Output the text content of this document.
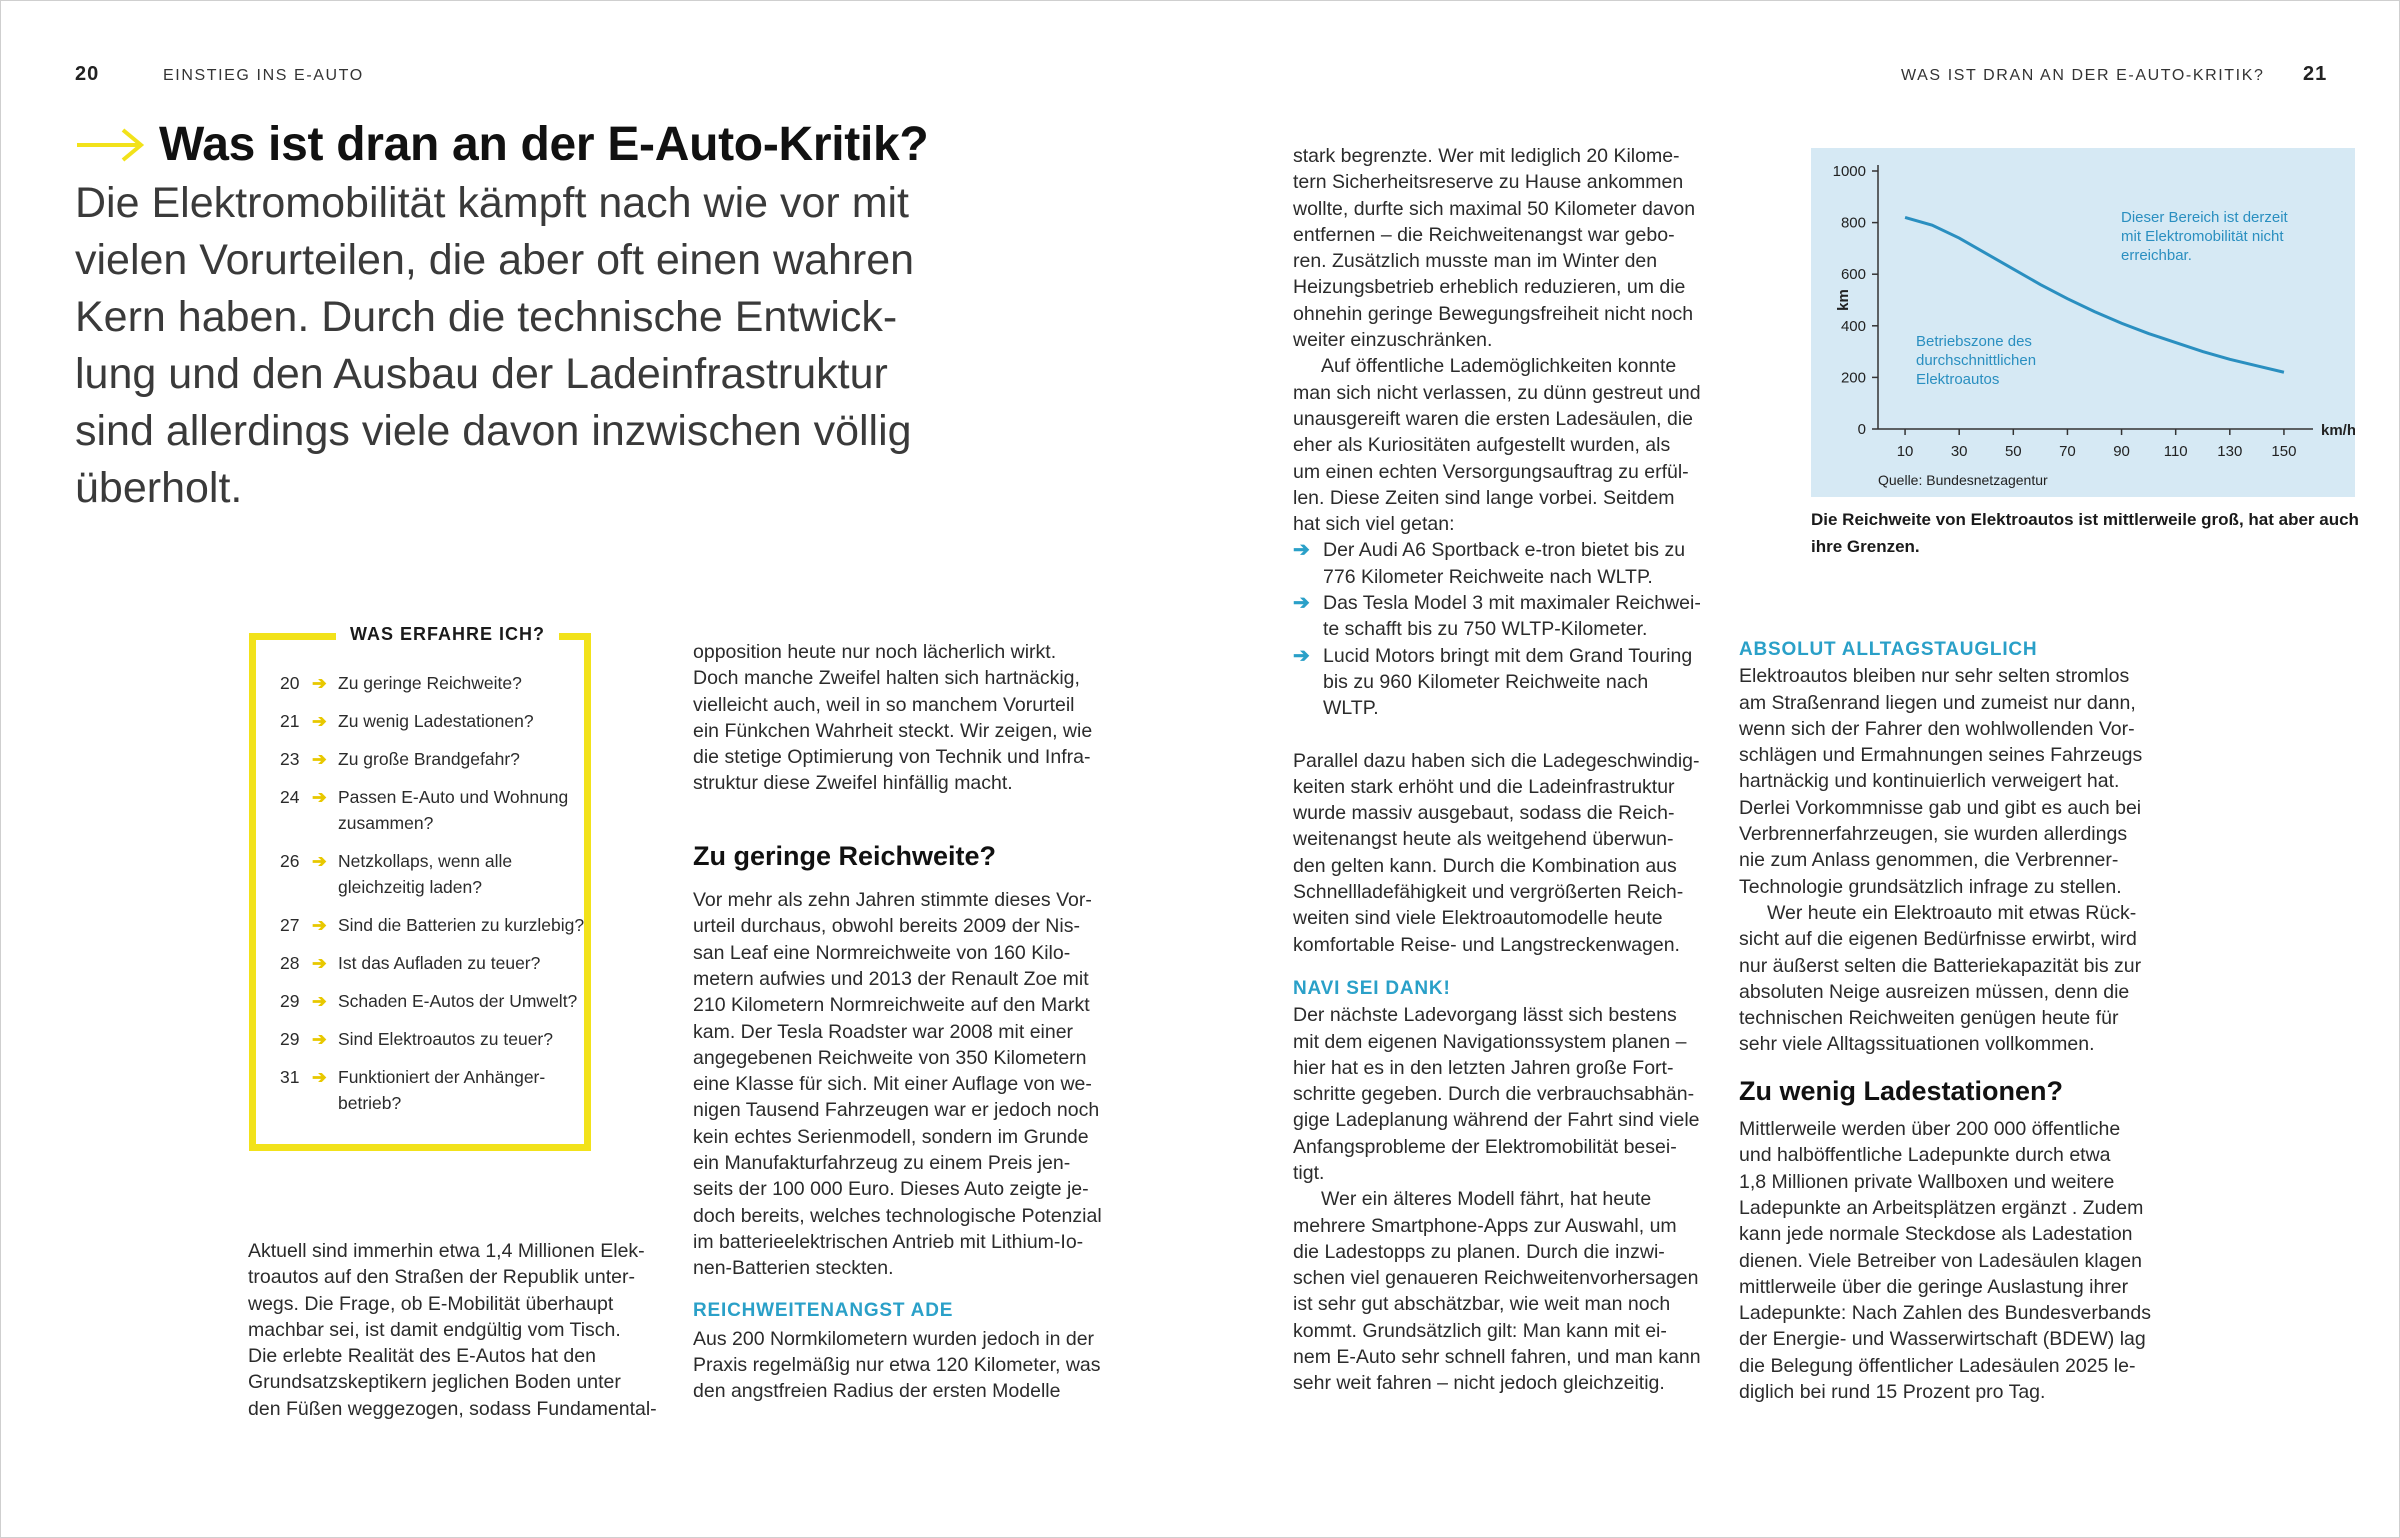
20	EINSTIEG INS E-AUTO	WAS IST DRAN AN DER E-AUTO-KRITIK? 21
Was ist dran an der E-Auto-Kritik?

Die Elektromobilität kämpft nach wie vor mit

vielen Vorurteilen, die aber oft einen wahren

Kern haben. Durch die technische Entwick-

lung und den Ausbau der Ladeinfrastruktur

sind allerdings viele davon inzwischen völlig

überholt.

WAS ERFAHRE ICH?
20 ➔ Zu geringe Reichweite?
21 ➔ Zu wenig Ladestationen?
23 ➔ Zu große Brandgefahr?
24 ➔ Passen E-Auto und Wohnung
zusammen?
26 ➔ Netzkollaps, wenn alle
gleichzeitig laden?
27 ➔ Sind die Batterien zu kurzlebig?
28 ➔ Ist das Aufladen zu teuer?
29 ➔ Schaden E-Autos der Umwelt?
29 ➔ Sind Elektroautos zu teuer?
31 ➔ Funktioniert der Anhänger-
betrieb?

Aktuell sind immerhin etwa 1,4 Millionen Elek-

troautos auf den Straßen der Republik unter-

wegs. Die Frage, ob E-Mobilität überhaupt

machbar sei, ist damit endgültig vom Tisch.

Die erlebte Realität des E-Autos hat den

Grundsatzskeptikern jeglichen Boden unter

den Füßen weggezogen, sodass Fundamental-

opposition heute nur noch lächerlich wirkt.

Doch manche Zweifel halten sich hartnäckig,

vielleicht auch, weil in so manchem Vorurteil

ein Fünkchen Wahrheit steckt. Wir zeigen, wie

die stetige Optimierung von Technik und Infra-

struktur diese Zweifel hinfällig macht.

Zu geringe Reichweite?

Vor mehr als zehn Jahren stimmte dieses Vor-

urteil durchaus, obwohl bereits 2009 der Nis-

san Leaf eine Normreichweite von 160 Kilo-

metern aufwies und 2013 der Renault Zoe mit

210 Kilometern Normreichweite auf den Markt

kam. Der Tesla Roadster war 2008 mit einer

angegebenen Reichweite von 350 Kilometern

eine Klasse für sich. Mit einer Auflage von we-

nigen Tausend Fahrzeugen war er jedoch noch

kein echtes Serienmodell, sondern im Grunde

ein Manufakturfahrzeug zu einem Preis jen-

seits der 100 000 Euro. Dieses Auto zeigte je-

doch bereits, welches technologische Potenzial

im batterieelektrischen Antrieb mit Lithium-Io-

nen-Batterien steckten.

REICHWEITENANGST ADE

Aus 200 Normkilometern wurden jedoch in der

Praxis regelmäßig nur etwa 120 Kilometer, was

den angstfreien Radius der ersten Modelle

stark begrenzte. Wer mit lediglich 20 Kilome-

tern Sicherheitsreserve zu Hause ankommen

wollte, durfte sich maximal 50 Kilometer davon

entfernen – die Reichweitenangst war gebo-

ren. Zusätzlich musste man im Winter den

Heizungsbetrieb erheblich reduzieren, um die

ohnehin geringe Bewegungsfreiheit nicht noch

weiter einzuschränken.

Auf öffentliche Lademöglichkeiten konnte

man sich nicht verlassen, zu dünn gestreut und

unausgereift waren die ersten Ladesäulen, die

eher als Kuriositäten aufgestellt wurden, als

um einen echten Versorgungsauftrag zu erfül-

len. Diese Zeiten sind lange vorbei. Seitdem

hat sich viel getan:

➔ Der Audi A6 Sportback e-tron bietet bis zu

776 Kilometer Reichweite nach WLTP.

➔ Das Tesla Model 3 mit maximaler Reichwei-

te schafft bis zu 750 WLTP-Kilometer.

➔ Lucid Motors bringt mit dem Grand Touring

bis zu 960 Kilometer Reichweite nach

WLTP.

Parallel dazu haben sich die Ladegeschwindig-

keiten stark erhöht und die Ladeinfrastruktur

wurde massiv ausgebaut, sodass die Reich-

weitenangst heute als weitgehend überwun-

den gelten kann. Durch die Kombination aus

Schnellladefähigkeit und vergrößerten Reich-

weiten sind viele Elektroautomodelle heute

komfortable Reise- und Langstreckenwagen.

NAVI SEI DANK!

Der nächste Ladevorgang lässt sich bestens

mit dem eigenen Navigationssystem planen –

hier hat es in den letzten Jahren große Fort-

schritte gegeben. Durch die verbrauchsabhän-

gige Ladeplanung während der Fahrt sind viele

Anfangsprobleme der Elektromobilität besei-

tigt.

Wer ein älteres Modell fährt, hat heute

mehrere Smartphone-Apps zur Auswahl, um

die Ladestopps zu planen. Durch die inzwi-

schen viel genaueren Reichweitenvorhersagen

ist sehr gut abschätzbar, wie weit man noch

kommt. Grundsätzlich gilt: Man kann mit ei-

nem E-Auto sehr schnell fahren, und man kann

sehr weit fahren – nicht jedoch gleichzeitig.

ABSOLUT ALLTAGSTAUGLICH

Elektroautos bleiben nur sehr selten stromlos

am Straßenrand liegen und zumeist nur dann,

wenn sich der Fahrer den wohlwollenden Vor-

schlägen und Ermahnungen seines Fahrzeugs

hartnäckig und kontinuierlich verweigert hat.

Derlei Vorkommnisse gab und gibt es auch bei

Verbrennerfahrzeugen, sie wurden allerdings

nie zum Anlass genommen, die Verbrenner-

Technologie grundsätzlich infrage zu stellen.

Wer heute ein Elektroauto mit etwas Rück-

sicht auf die eigenen Bedürfnisse erwirbt, wird

nur äußerst selten die Batteriekapazität bis zur

absoluten Neige ausreizen müssen, denn die

technischen Reichweiten genügen heute für

sehr viele Alltagssituationen vollkommen.

Zu wenig Ladestationen?

Mittlerweile werden über 200 000 öffentliche

und halböffentliche Ladepunkte durch etwa

1,8 Millionen private Wallboxen und weitere

Ladepunkte an Arbeitsplätzen ergänzt . Zudem

kann jede normale Steckdose als Ladestation

dienen. Viele Betreiber von Ladesäulen klagen

mittlerweile über die geringe Auslastung ihrer

Ladepunkte: Nach Zahlen des Bundesverbands

der Energie- und Wasserwirtschaft (BDEW) lag

die Belegung öffentlicher Ladesäulen 2025 le-

diglich bei rund 15 Prozent pro Tag.

0
200
400
600
800
1000
10 30 50 70 90 110 130 150
km
km/h
Dieser Bereich ist derzeit
mit Elektromobilität nicht
erreichbar.
Betriebszone des
durchschnittlichen
Elektroautos
Quelle: Bundesnetzagentur

Die Reichweite von Elektroautos ist mittlerweile groß, hat aber auch

ihre Grenzen.
